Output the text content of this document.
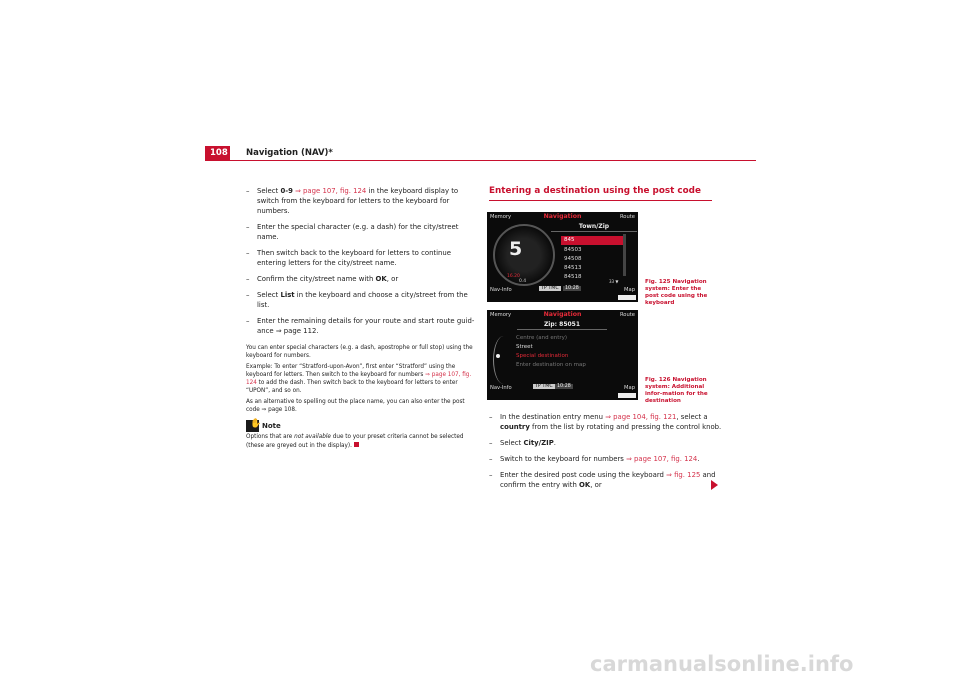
108 Navigation (NAV)*
– Select 0-9 ⇒ page 107, fig. 124 in the keyboard display to switch from the keyboard for letters to the keyboard for numbers.
– Enter the special character (e.g. a dash) for the city/street name.
– Then switch back to the keyboard for letters to continue entering letters for the city/street name.
– Confirm the city/street name with OK, or
– Select List in the keyboard and choose a city/street from the list.
– Enter the remaining details for your route and start route guid-ance ⇒ page 112.

You can enter special characters (e.g. a dash, apostrophe or full stop) using the keyboard for numbers.

Example: To enter “Stratford-upon-Avon”, first enter “Stratford” using the keyboard for letters. Then switch to the keyboard for numbers ⇒ page 107, fig. 124 to add the dash. Then switch back to the keyboard for letters to enter “UPON”, and so on.

As an alternative to spelling out the place name, you can also enter the post code ⇒ page 108.

✋ Note

Options that are not available due to your preset criteria cannot be selected (these are greyed out in the display).

Entering a destination using the post code
Memory	Navigation	Route
5
16.20
0.4
Town/Zip
845
84503
94508
84513
84518
33 ▼
Nav-Info	TP TMC	10:28	Map
Memory	Navigation	Route
Zip: 85051
Centre (and entry)
Street
Special destination
Enter destination on map
Nav-Info	TP TMC 10:28	Map
Fig. 125 Navigation system: Enter the post code using the keyboard
Fig. 126 Navigation system: Additional infor-mation for the destination
– In the destination entry menu ⇒ page 104, fig. 121, select a country from the list by rotating and pressing the control knob.
– Select City/ZIP.
– Switch to the keyboard for numbers ⇒ page 107, fig. 124.
– Enter the desired post code using the keyboard ⇒ fig. 125 and confirm the entry with OK, or
carmanualsonline.info
